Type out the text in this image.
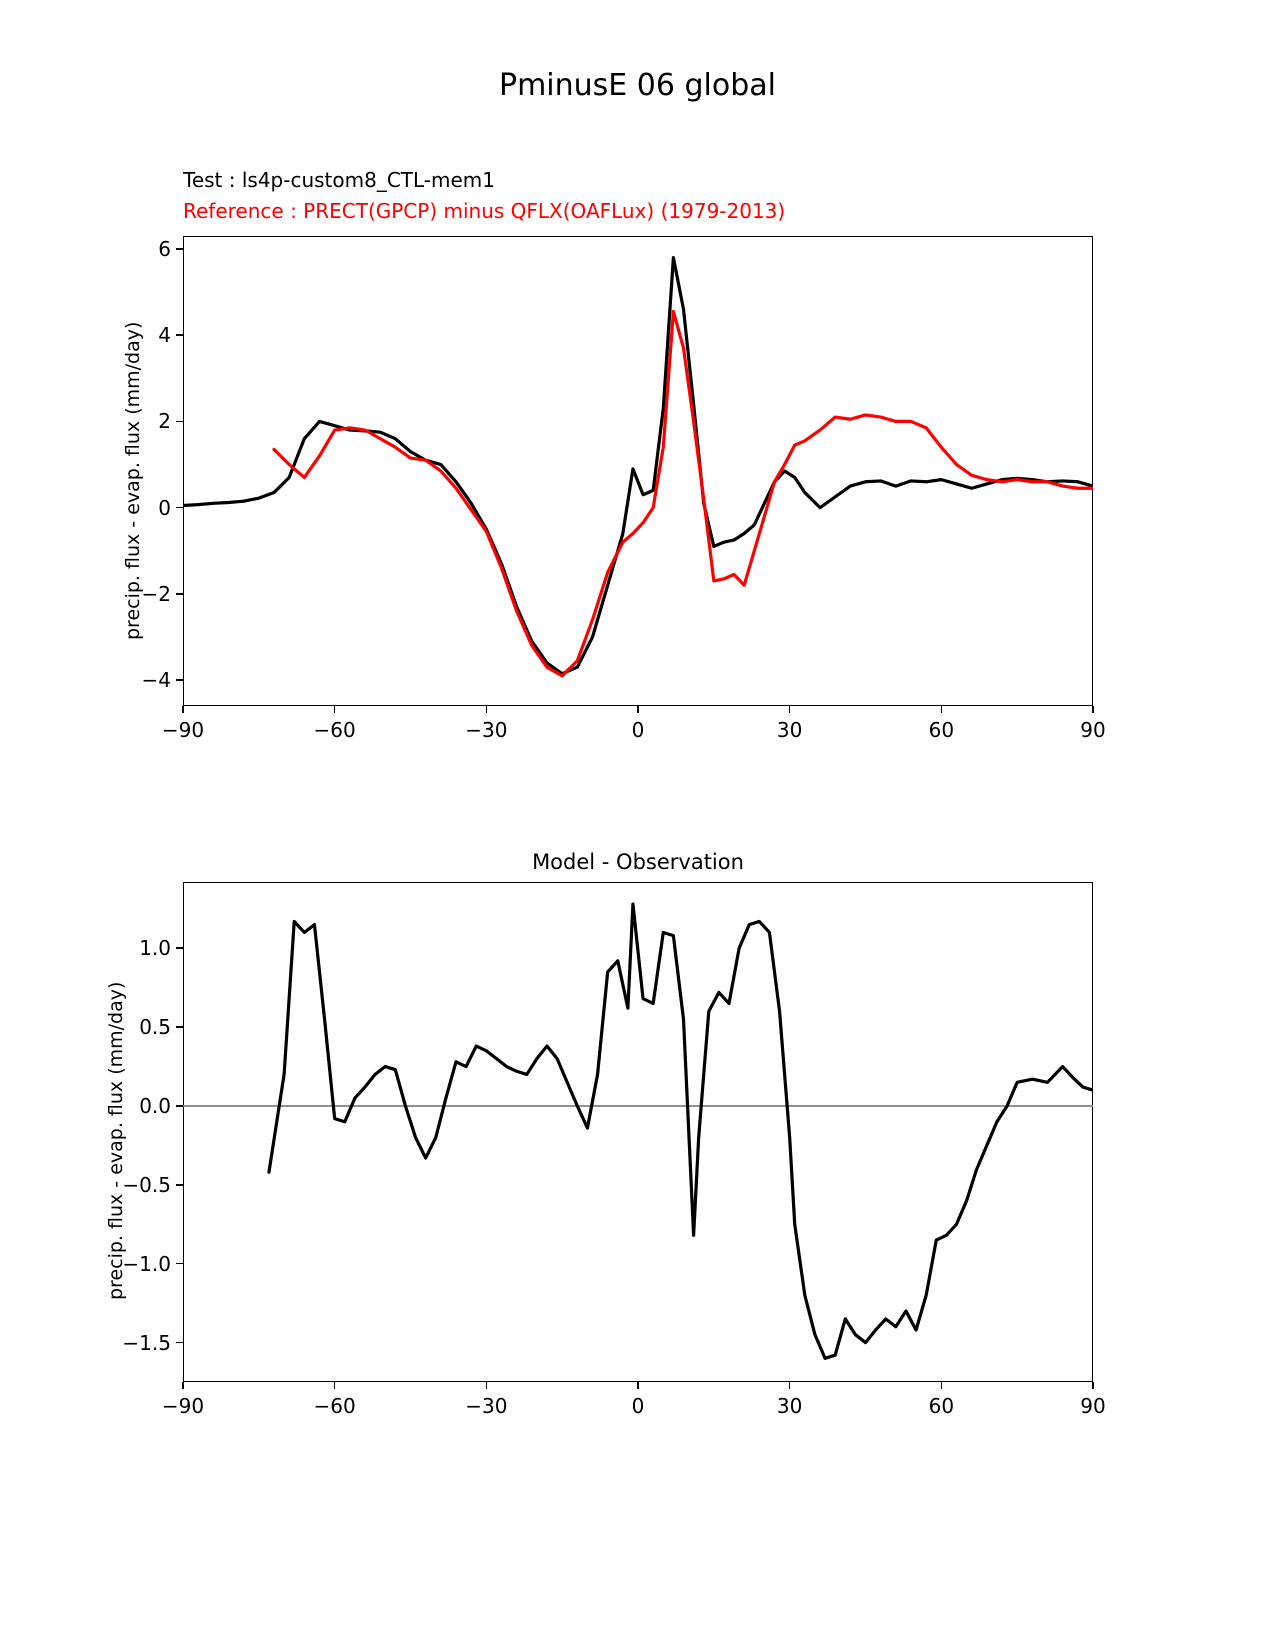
PminusE 06 global
Test : ls4p-custom8_CTL-mem1
Reference : PRECT(GPCP) minus QFLX(OAFLux) (1979-2013)
precip. flux - evap. flux (mm/day)
Model - Observation
precip. flux - evap. flux (mm/day)
−90	−60	−30	0	30	60	90
−4
−2
0
2
4
6
−90	−60	−30	0	30	60	90
−1.5
−1.0
−0.5
0.0
0.5
1.0
